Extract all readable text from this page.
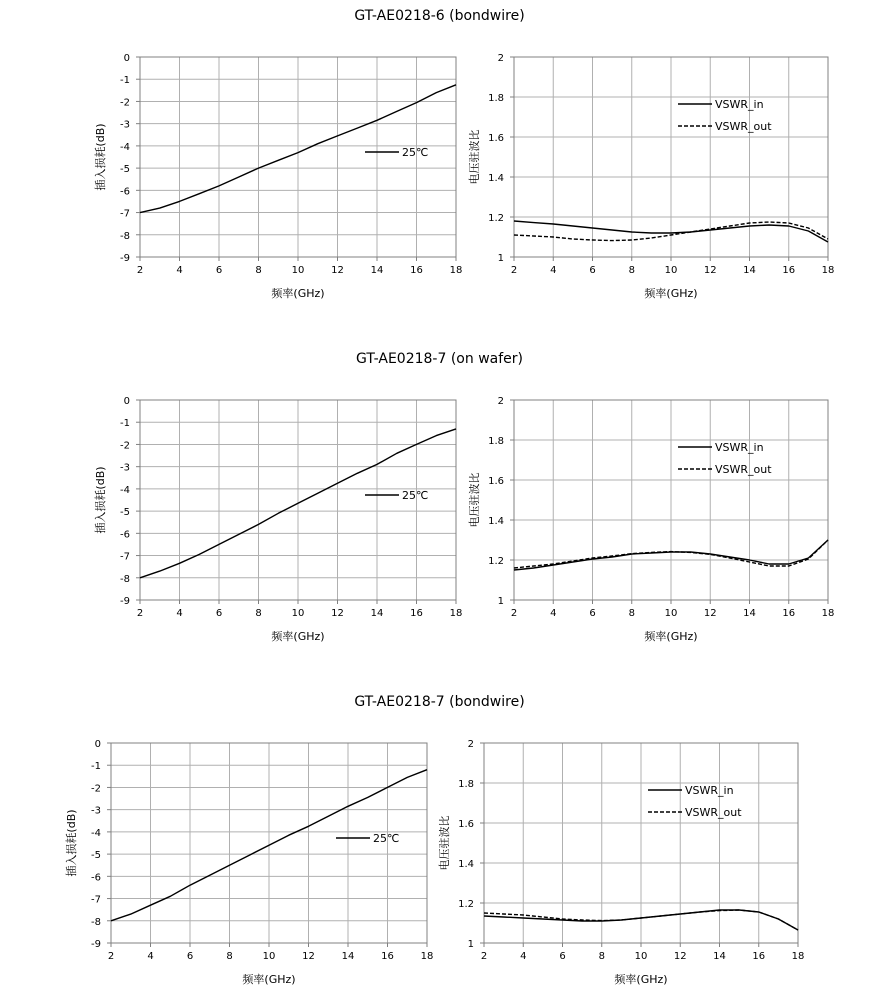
GT-AE0218-6 (bondwire)
GT-AE0218-7 (on wafer)
GT-AE0218-7 (bondwire)
2	4	6	8	10	12	14	16	18
0
-1
-2
-3
-4
-5
-6
-7
-8
-9
频率(GHz)
插入损耗(dB)	25℃
2	4	6	8	10	12	14	16	18
1
1.2
1.4
1.6
1.8
2
频率(GHz)
电压驻波比
VSWR_in
VSWR_out
2	4	6	8	10	12	14	16	18
0
-1
-2
-3
-4
-5
-6
-7
-8
-9
频率(GHz)
插入损耗(dB)	25℃
2	4	6	8	10	12	14	16	18
1
1.2
1.4
1.6
1.8
2
频率(GHz)
电压驻波比
VSWR_in
VSWR_out
2	4	6	8	10	12	14	16	18
0
-1
-2
-3
-4
-5
-6
-7
-8
-9
频率(GHz)
插入损耗(dB)	25℃
2	4	6	8	10	12	14	16	18
1
1.2
1.4
1.6
1.8
2
频率(GHz)
电压驻波比
VSWR_in
VSWR_out
